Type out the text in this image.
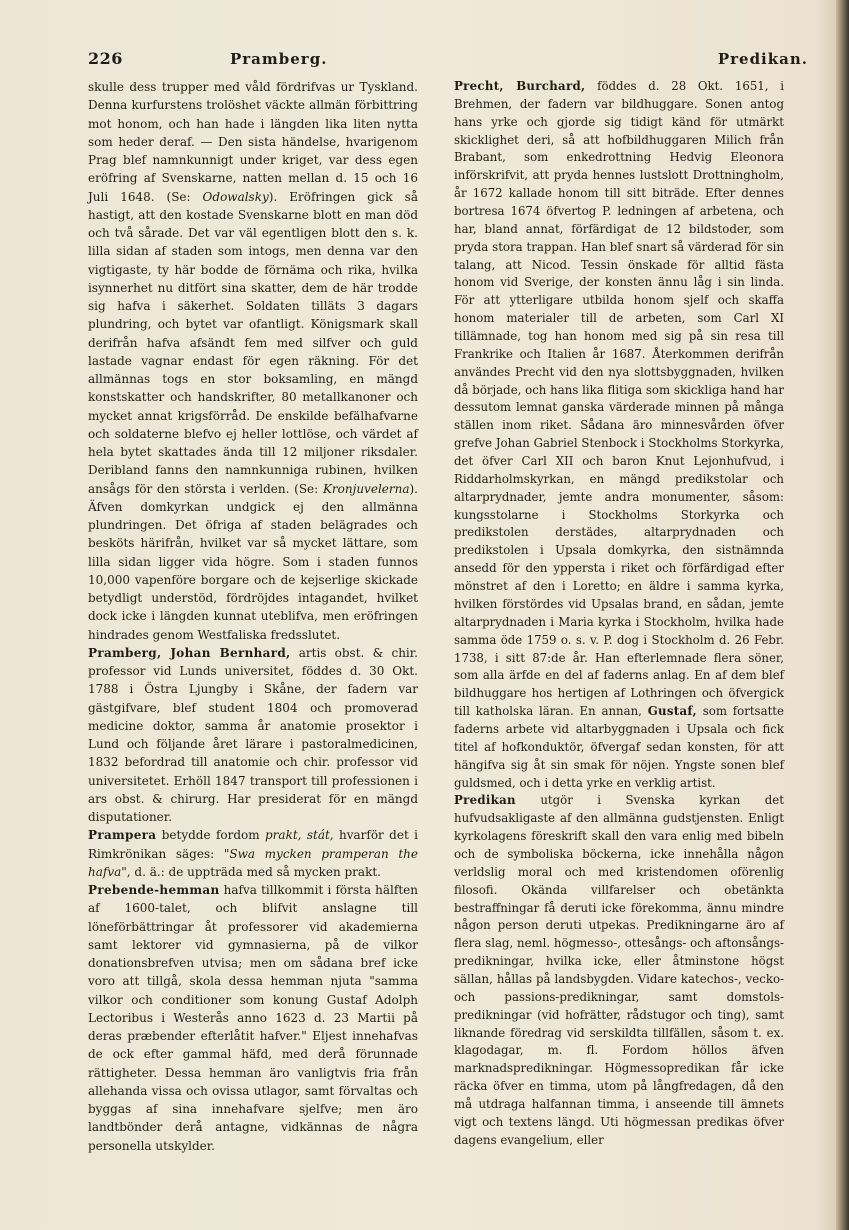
226	Pramberg.	Predikan.

skulle dess trupper med våld fördrifvas ur Tyskland. Denna kurfurstens trolöshet väckte allmän förbittring mot honom, och han hade i längden lika liten nytta som heder deraf. — Den sista händelse, hvarigenom Prag blef namnkunnigt under kriget, var dess egen eröfring af Svenskarne, natten mellan d. 15 och 16 Juli 1648. (Se: Odowalsky). Eröfringen gick så hastigt, att den kostade Svenskarne blott en man död och två sårade. Det var väl egentligen blott den s. k. lilla sidan af staden som intogs, men denna var den vigtigaste, ty här bodde de förnäma och rika, hvilka isynnerhet nu ditfört sina skatter, dem de här trodde sig hafva i säkerhet. Soldaten tilläts 3 dagars plundring, och bytet var ofantligt. Königsmark skall derifrån hafva afsändt fem med silfver och guld lastade vagnar endast för egen räkning. För det allmännas togs en stor boksamling, en mängd konstskatter och handskrifter, 80 metallkanoner och mycket annat krigsförråd. De enskilde befälhafvarne och soldaterne blefvo ej heller lottlöse, och värdet af hela bytet skattades ända till 12 miljoner riksdaler. Deribland fanns den namnkunniga rubinen, hvilken ansågs för den största i verlden. (Se: Kronjuvelerna). Äfven domkyrkan undgick ej den allmänna plundringen. Det öfriga af staden belägrades och besköts härifrån, hvilket var så mycket lättare, som lilla sidan ligger vida högre. Som i staden funnos 10,000 vapenföre borgare och de kejserlige skickade betydligt understöd, fördröjdes intagandet, hvilket dock icke i längden kunnat uteblifva, men eröfringen hindrades genom Westfaliska fredsslutet.

Pramberg, Johan Bernhard, artis obst. & chir. professor vid Lunds universitet, föddes d. 30 Okt. 1788 i Östra Ljungby i Skåne, der fadern var gästgifvare, blef student 1804 och promoverad medicine doktor, samma år anatomie prosektor i Lund och följande året lärare i pastoralmedicinen, 1832 befordrad till anatomie och chir. professor vid universitetet. Erhöll 1847 transport till professionen i ars obst. & chirurg. Har presiderat för en mängd disputationer.

Prampera betydde fordom prakt, stát, hvarför det i Rimkrönikan säges: "Swa mycken pramperan the hafva", d. ä.: de uppträda med så mycken prakt.

Prebende-hemman hafva tillkommit i första hälften af 1600-talet, och blifvit anslagne till löneförbättringar åt professorer vid akademierna samt lektorer vid gymnasierna, på de vilkor donationsbrefven utvisa; men om sådana bref icke voro att tillgå, skola dessa hemman njuta "samma vilkor och conditioner som konung Gustaf Adolph Lectoribus i Westerås anno 1623 d. 23 Martii på deras præbender efterlåtit hafver." Eljest innehafvas de ock efter gammal häfd, med derå förunnade rättigheter. Dessa hemman äro vanligtvis fria från allehanda vissa och ovissa utlagor, samt förvaltas och byggas af sina innehafvare sjelfve; men äro landtbönder derå antagne, vidkännas de några personella utskylder.

Precht, Burchard, föddes d. 28 Okt. 1651, i Brehmen, der fadern var bildhuggare. Sonen antog hans yrke och gjorde sig tidigt känd för utmärkt skicklighet deri, så att hofbildhuggaren Milich från Brabant, som enkedrottning Hedvig Eleonora införskrifvit, att pryda hennes lustslott Drottningholm, år 1672 kallade honom till sitt biträde. Efter dennes bortresa 1674 öfvertog P. ledningen af arbetena, och har, bland annat, förfärdigat de 12 bildstoder, som pryda stora trappan. Han blef snart så värderad för sin talang, att Nicod. Tessin önskade för alltid fästa honom vid Sverige, der konsten ännu låg i sin linda. För att ytterligare utbilda honom sjelf och skaffa honom materialer till de arbeten, som Carl XI tillämnade, tog han honom med sig på sin resa till Frankrike och Italien år 1687. Återkommen derifrån användes Precht vid den nya slottsbyggnaden, hvilken då började, och hans lika flitiga som skickliga hand har dessutom lemnat ganska värderade minnen på många ställen inom riket. Sådana äro minnesvården öfver grefve Johan Gabriel Stenbock i Stockholms Storkyrka, det öfver Carl XII och baron Knut Lejonhufvud, i Riddarholmskyrkan, en mängd predikstolar och altarprydnader, jemte andra monumenter, såsom: kungsstolarne i Stockholms Storkyrka och predikstolen derstädes, altarprydnaden och predikstolen i Upsala domkyrka, den sistnämnda ansedd för den yppersta i riket och förfärdigad efter mönstret af den i Loretto; en äldre i samma kyrka, hvilken förstördes vid Upsalas brand, en sådan, jemte altarprydnaden i Maria kyrka i Stockholm, hvilka hade samma öde 1759 o. s. v. P. dog i Stockholm d. 26 Febr. 1738, i sitt 87:de år. Han efterlemnade flera söner, som alla ärfde en del af faderns anlag. En af dem blef bildhuggare hos hertigen af Lothringen och öfvergick till katholska läran. En annan, Gustaf, som fortsatte faderns arbete vid altarbyggnaden i Upsala och fick titel af hofkonduktör, öfvergaf sedan konsten, för att hängifva sig åt sin smak för nöjen. Yngste sonen blef guldsmed, och i detta yrke en verklig artist.

Predikan utgör i Svenska kyrkan det hufvudsakligaste af den allmänna gudstjensten. Enligt kyrkolagens föreskrift skall den vara enlig med bibeln och de symboliska böckerna, icke innehålla någon verldslig moral och med kristendomen oförenlig filosofi. Okända villfarelser och obetänkta bestraffningar få deruti icke förekomma, ännu mindre någon person deruti utpekas. Predikningarne äro af flera slag, neml. högmesso-, ottesångs- och aftonsångs-predikningar, hvilka icke, eller åtminstone högst sällan, hållas på landsbygden. Vidare katechos-, vecko- och passions-predikningar, samt domstols-predikningar (vid hofrätter, rådstugor och ting), samt liknande föredrag vid serskildta tillfällen, såsom t. ex. klagodagar, m. fl. Fordom höllos äfven marknadspredikningar. Högmessopredikan får icke räcka öfver en timma, utom på långfredagen, då den må utdraga halfannan timma, i anseende till ämnets vigt och textens längd. Uti högmessan predikas öfver dagens evangelium, eller
